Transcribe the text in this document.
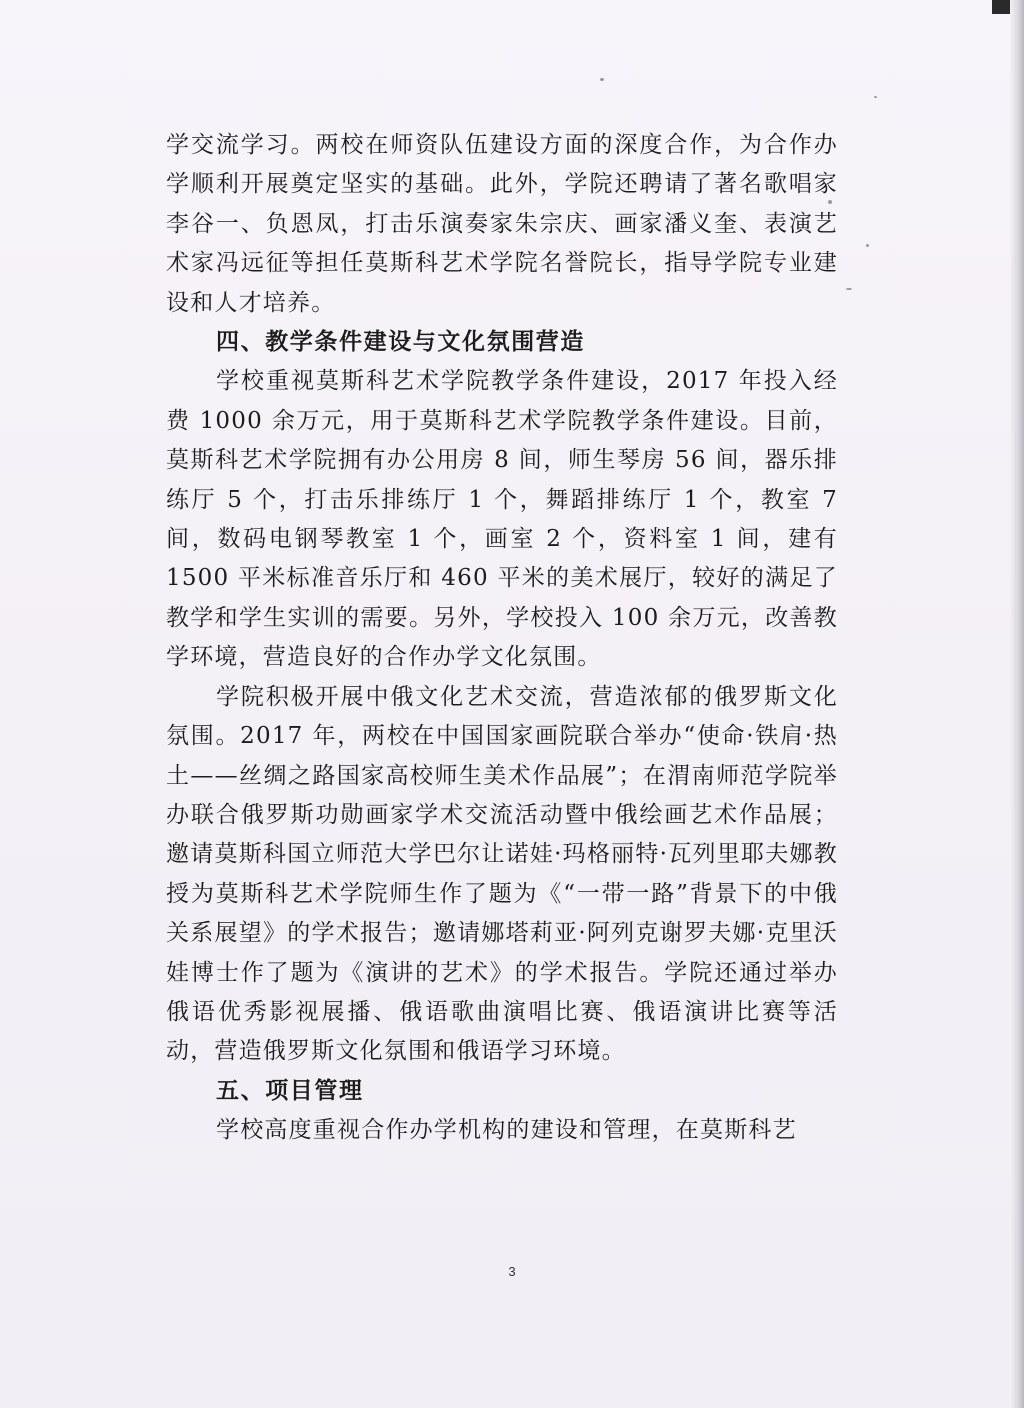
学交流学习。两校在师资队伍建设方面的深度合作，为合作办学顺利开展奠定坚实的基础。此外，学院还聘请了著名歌唱家李谷一、负恩凤，打击乐演奏家朱宗庆、画家潘义奎、表演艺术家冯远征等担任莫斯科艺术学院名誉院长，指导学院专业建设和人才培养。

四、教学条件建设与文化氛围营造

学校重视莫斯科艺术学院教学条件建设，2017 年投入经费 1000 余万元，用于莫斯科艺术学院教学条件建设。目前，莫斯科艺术学院拥有办公用房 8 间，师生琴房 56 间，器乐排练厅 5 个，打击乐排练厅 1 个，舞蹈排练厅 1 个，教室 7 间，数码电钢琴教室 1 个，画室 2 个，资料室 1 间，建有 1500 平米标准音乐厅和 460 平米的美术展厅，较好的满足了教学和学生实训的需要。另外，学校投入 100 余万元，改善教学环境，营造良好的合作办学文化氛围。

学院积极开展中俄文化艺术交流，营造浓郁的俄罗斯文化氛围。2017 年，两校在中国国家画院联合举办“使命·铁肩·热土——丝绸之路国家高校师生美术作品展”；在渭南师范学院举办联合俄罗斯功勋画家学术交流活动暨中俄绘画艺术作品展；邀请莫斯科国立师范大学巴尔让诺娃·玛格丽特·瓦列里耶夫娜教授为莫斯科艺术学院师生作了题为《“一带一路”背景下的中俄关系展望》的学术报告；邀请娜塔莉亚·阿列克谢罗夫娜·克里沃娃博士作了题为《演讲的艺术》的学术报告。学院还通过举办俄语优秀影视展播、俄语歌曲演唱比赛、俄语演讲比赛等活动，营造俄罗斯文化氛围和俄语学习环境。

五、项目管理

学校高度重视合作办学机构的建设和管理，在莫斯科艺

3
